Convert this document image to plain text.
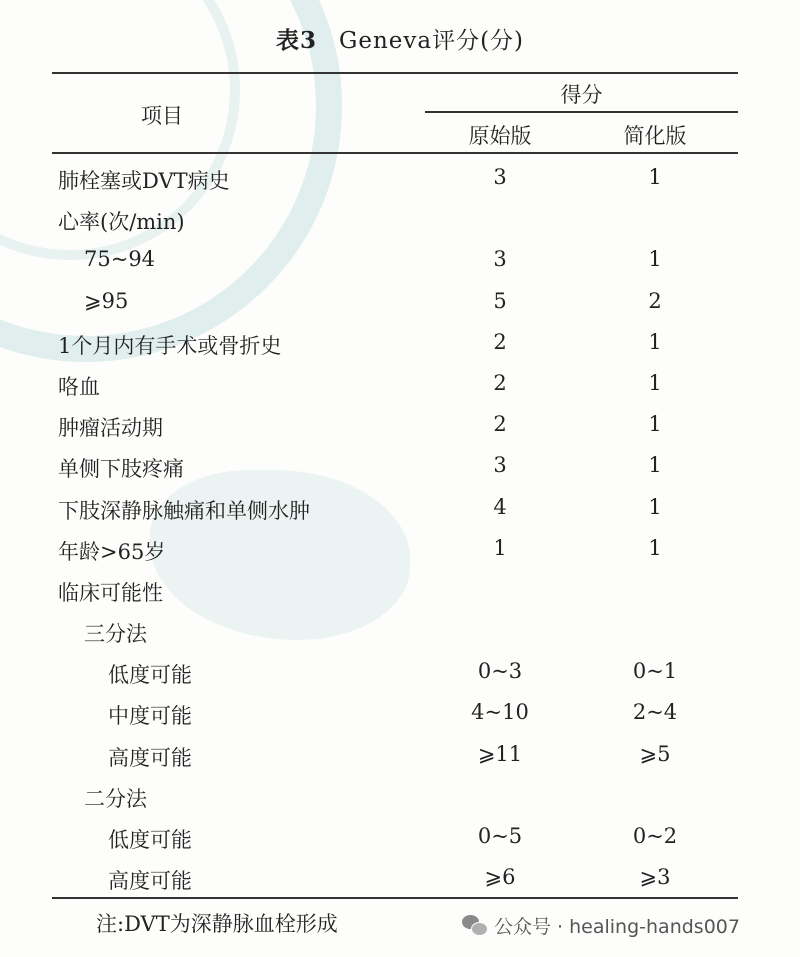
表3 Geneva评分(分)
项目
得分
原始版	简化版
肺栓塞或DVT病史	3	1
心率(次/min)
75~94	3	1
⩾95	5	2
1个月内有手术或骨折史	2	1
咯血	2	1
肿瘤活动期	2	1
单侧下肢疼痛	3	1
下肢深静脉触痛和单侧水肿	4	1
年龄>65岁	1	1
临床可能性
三分法
低度可能	0~3	0~1
中度可能	4~10	2~4
高度可能	⩾11	⩾5
二分法
低度可能	0~5	0~2
高度可能	⩾6	⩾3
注:DVT为深静脉血栓形成	公众号 · healing-hands007
